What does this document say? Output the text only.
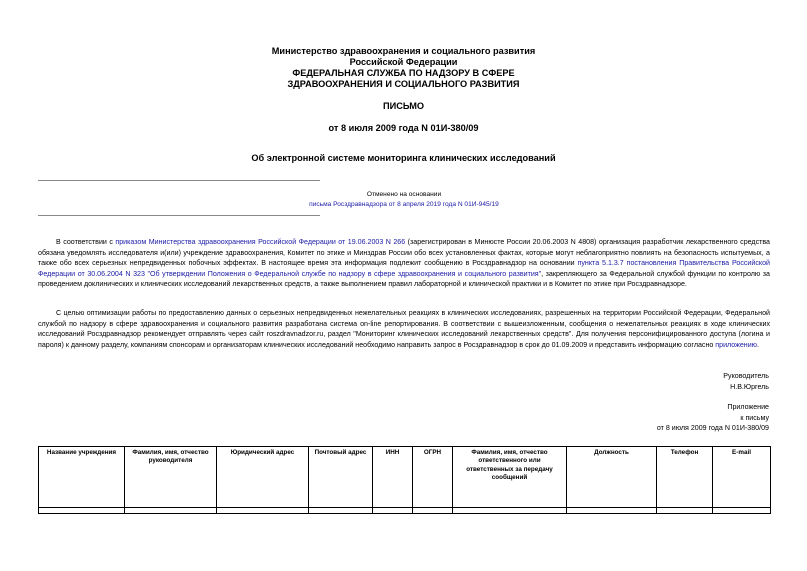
Министерство здравоохранения и социального развития
Российской Федерации
ФЕДЕРАЛЬНАЯ СЛУЖБА ПО НАДЗОРУ В СФЕРЕ
ЗДРАВООХРАНЕНИЯ И СОЦИАЛЬНОГО РАЗВИТИЯ
ПИСЬМО
от 8 июля 2009 года N 01И-380/09
Об электронной системе мониторинга клинических исследований
Отменено на основании
письма Росздравнадзора от 8 апреля 2019 года N 01И-945/19
В соответствии с приказом Министерства здравоохранения Российской Федерации от 19.06.2003 N 266 (зарегистрирован в Минюсте России 20.06.2003 N 4808) организация разработчик лекарственного средства обязана уведомлять исследователя и(или) учреждение здравоохранения, Комитет по этике и Минздрав России обо всех установленных фактах, которые могут неблагоприятно повлиять на безопасность испытуемых, а также обо всех серьезных непредвиденных побочных эффектах. В настоящее время эта информация подлежит сообщению в Росздравнадзор на основании пункта 5.1.3.7 постановления Правительства Российской Федерации от 30.06.2004 N 323 "Об утверждении Положения о Федеральной службе по надзору в сфере здравоохранения и социального развития", закрепляющего за Федеральной службой функции по контролю за проведением доклинических и клинических исследований лекарственных средств, а также выполнением правил лабораторной и клинической практики и в Комитет по этике при Росздравнадзоре.
С целью оптимизации работы по предоставлению данных о серьезных непредвиденных нежелательных реакциях в клинических исследованиях, разрешенных на территории Российской Федерации, Федеральной службой по надзору в сфере здравоохранения и социального развития разработана система on-line репортирования. В соответствии с вышеизложенным, сообщения о нежелательных реакциях в ходе клинических исследований Росздравнадзор рекомендует отправлять через сайт roszdravnadzor.ru, раздел "Мониторинг клинических исследований лекарственных средств". Для получения персонифицированного доступа (логина и пароля) к данному разделу, компаниям спонсорам и организаторам клинических исследований необходимо направить запрос в Росздравнадзор в срок до 01.09.2009 и представить информацию согласно приложению.
Руководитель
Н.В.Юргель
Приложение
к письму
от 8 июля 2009 года N 01И-380/09
Название учреждения	Фамилия, имя, отчество руководителя	Юридический адрес	Почтовый адрес	ИНН	ОГРН	Фамилия, имя, отчество ответственного или ответственных за передачу сообщений	Должность	Телефон	E-mail
